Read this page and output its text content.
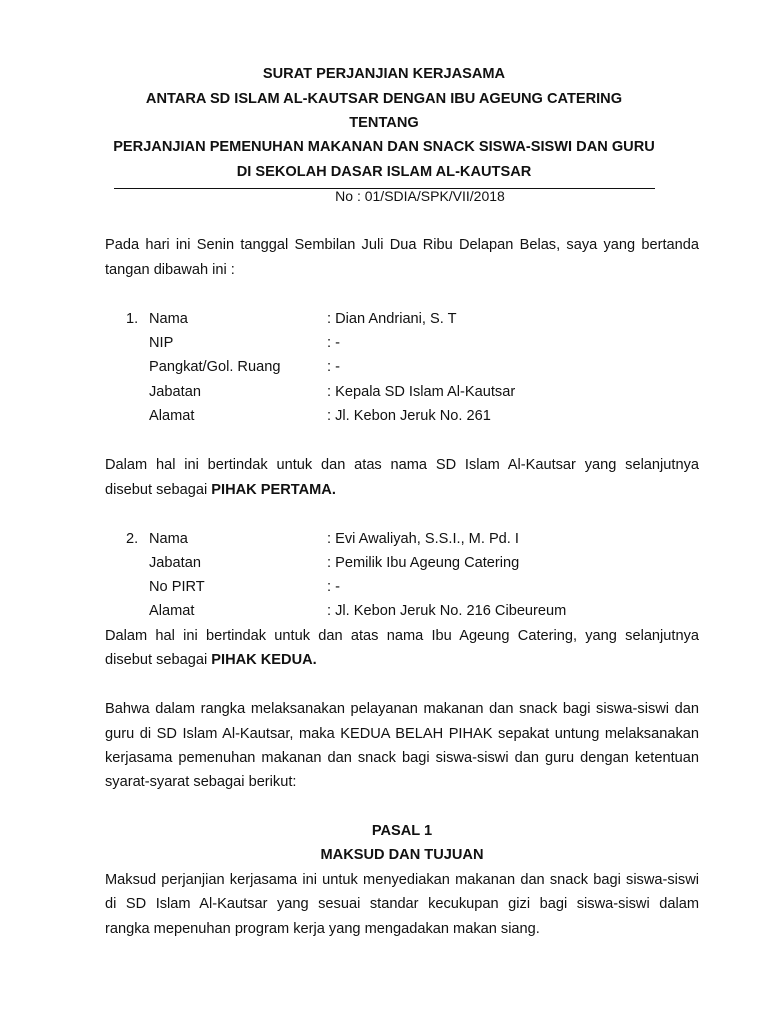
SURAT PERJANJIAN KERJASAMA
ANTARA SD ISLAM AL-KAUTSAR DENGAN IBU AGEUNG CATERING
TENTANG
PERJANJIAN PEMENUHAN MAKANAN DAN SNACK SISWA-SISWI DAN GURU
DI SEKOLAH DASAR ISLAM AL-KAUTSAR
No : 01/SDIA/SPK/VII/2018
Pada hari ini Senin tanggal Sembilan Juli Dua Ribu Delapan Belas, saya yang bertanda
tangan dibawah ini :
1. Nama	: Dian Andriani, S. T
NIP	: -
Pangkat/Gol. Ruang	: -
Jabatan	: Kepala SD Islam Al-Kautsar
Alamat	: Jl. Kebon Jeruk No. 261
Dalam hal ini bertindak untuk dan atas nama SD Islam Al-Kautsar yang selanjutnya
disebut sebagai PIHAK PERTAMA.
2. Nama	: Evi Awaliyah, S.S.I., M. Pd. I
Jabatan	: Pemilik Ibu Ageung Catering
No PIRT	: -
Alamat	: Jl. Kebon Jeruk No. 216 Cibeureum
Dalam hal ini bertindak untuk dan atas nama Ibu Ageung Catering, yang selanjutnya
disebut sebagai PIHAK KEDUA.
Bahwa dalam rangka melaksanakan pelayanan makanan dan snack bagi siswa-siswi dan
guru di SD Islam Al-Kautsar, maka KEDUA BELAH PIHAK sepakat untung melaksanakan
kerjasama pemenuhan makanan dan snack bagi siswa-siswi dan guru dengan ketentuan
syarat-syarat sebagai berikut:
PASAL 1
MAKSUD DAN TUJUAN
Maksud perjanjian kerjasama ini untuk menyediakan makanan dan snack bagi siswa-siswi
di SD Islam Al-Kautsar yang sesuai standar kecukupan gizi bagi siswa-siswi dalam
rangka mepenuhan program kerja yang mengadakan makan siang.
